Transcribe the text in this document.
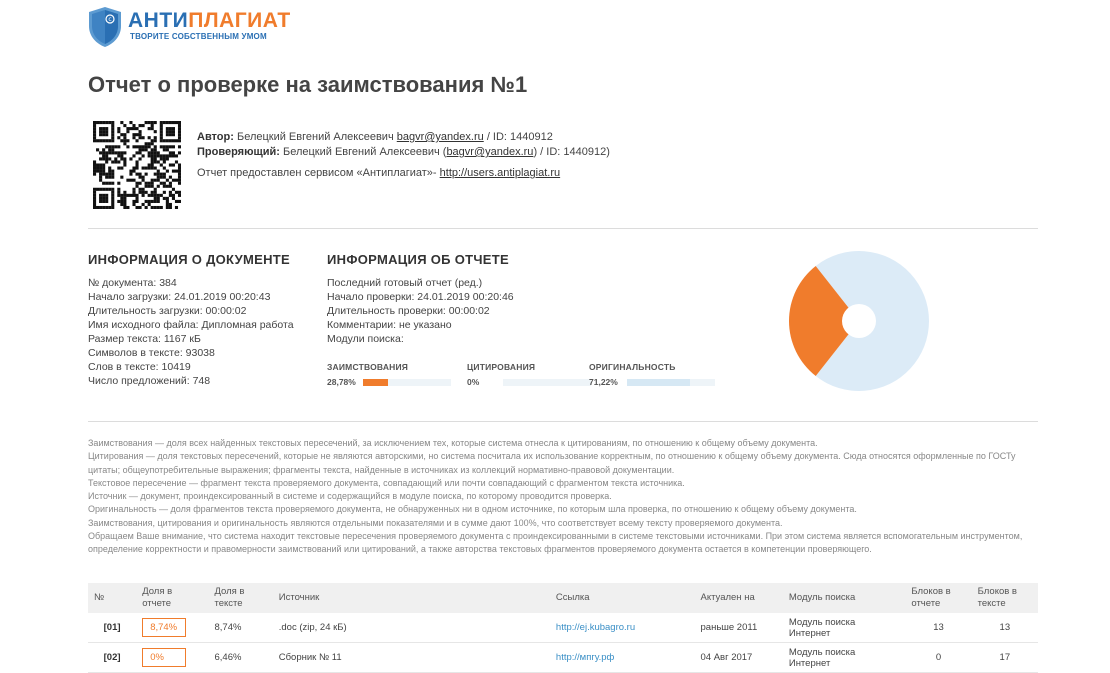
c АНТИПЛАГИАТ
ТВОРИТЕ СОБСТВЕННЫМ УМОМ
Отчет о проверке на заимствования №1
Автор: Белецкий Евгений Алексеевич bagvr@yandex.ru / ID: 1440912
Проверяющий: Белецкий Евгений Алексеевич (bagvr@yandex.ru) / ID: 1440912)
Отчет предоставлен сервисом «Антиплагиат»- http://users.antiplagiat.ru
ИНФОРМАЦИЯ О ДОКУМЕНТЕ
№ документа: 384
Начало загрузки: 24.01.2019 00:20:43
Длительность загрузки: 00:00:02
Имя исходного файла: Дипломная работа
Размер текста: 1167 кБ
Символов в тексте: 93038
Слов в тексте: 10419
Число предложений: 748
ИНФОРМАЦИЯ ОБ ОТЧЕТЕ
Последний готовый отчет (ред.)
Начало проверки: 24.01.2019 00:20:46
Длительность проверки: 00:00:02
Комментарии: не указано
Модули поиска:
ЗАИМСТВОВАНИЯ
28,78%
ЦИТИРОВАНИЯ
0%
ОРИГИНАЛЬНОСТЬ
71,22%
Заимствования — доля всех найденных текстовых пересечений, за исключением тех, которые система отнесла к цитированиям, по отношению к общему объему документа.
Цитирования — доля текстовых пересечений, которые не являются авторскими, но система посчитала их использование корректным, по отношению к общему объему документа. Сюда относятся оформленные по ГОСТу цитаты; общеупотребительные выражения; фрагменты текста, найденные в источниках из коллекций нормативно-правовой документации.
Текстовое пересечение — фрагмент текста проверяемого документа, совпадающий или почти совпадающий с фрагментом текста источника.
Источник — документ, проиндексированный в системе и содержащийся в модуле поиска, по которому проводится проверка.
Оригинальность — доля фрагментов текста проверяемого документа, не обнаруженных ни в одном источнике, по которым шла проверка, по отношению к общему объему документа.
Заимствования, цитирования и оригинальность являются отдельными показателями и в сумме дают 100%, что соответствует всему тексту проверяемого документа.
Обращаем Ваше внимание, что система находит текстовые пересечения проверяемого документа с проиндексированными в системе текстовыми источниками. При этом система является вспомогательным инструментом, определение корректности и правомерности заимствований или цитирований, а также авторства текстовых фрагментов проверяемого документа остается в компетенции проверяющего.
№	Доля в отчете	Доля в тексте	Источник	Ссылка	Актуален на	Модуль поиска	Блоков в отчете	Блоков в тексте
[01]	8,74%	8,74%	.doc (zip, 24 кБ)	http://ej.kubagro.ru	раньше 2011	Модуль поиска Интернет	13	13
[02]	0%	6,46%	Сборник № 11	http://мпгу.рф	04 Авг 2017	Модуль поиска Интернет	0	17
